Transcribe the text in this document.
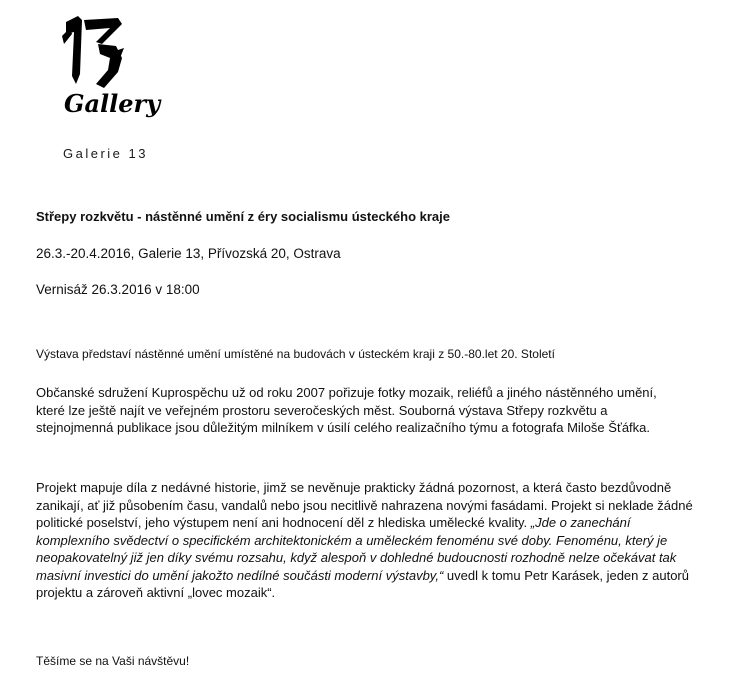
Gallery
Galerie 13
Střepy rozkvětu - nástěnné umění z éry socialismu ústeckého kraje
26.3.-20.4.2016, Galerie 13, Přívozská 20, Ostrava
Vernisáž 26.3.2016 v 18:00
Výstava představí nástěnné umění umístěné na budovách v ústeckém kraji z 50.-80.let 20. Století
Občanské sdružení Kuprospěchu už od roku 2007 pořizuje fotky mozaik, reliéfů a jiného nástěnného umění, které lze ještě najít ve veřejném prostoru severočeských měst. Souborná výstava Střepy rozkvětu a stejnojmenná publikace jsou důležitým milníkem v úsilí celého realizačního týmu a fotografa Miloše Šťáfka.
Projekt mapuje díla z nedávné historie, jimž se nevěnuje prakticky žádná pozornost, a která často bezdůvodně zanikají, ať již působením času, vandalů nebo jsou necitlivě nahrazena novými fasádami. Projekt si neklade žádné politické poselství, jeho výstupem není ani hodnocení děl z hlediska umělecké kvality. „Jde o zanechání komplexního svědectví o specifickém architektonickém a uměleckém fenoménu své doby. Fenoménu, který je neopakovatelný již jen díky svému rozsahu, když alespoň v dohledné budoucnosti rozhodně nelze očekávat tak masivní investici do umění jakožto nedílné součásti moderní výstavby,“ uvedl k tomu Petr Karásek, jeden z autorů projektu a zároveň aktivní „lovec mozaik“.
Těšíme se na Vaši návštěvu!
